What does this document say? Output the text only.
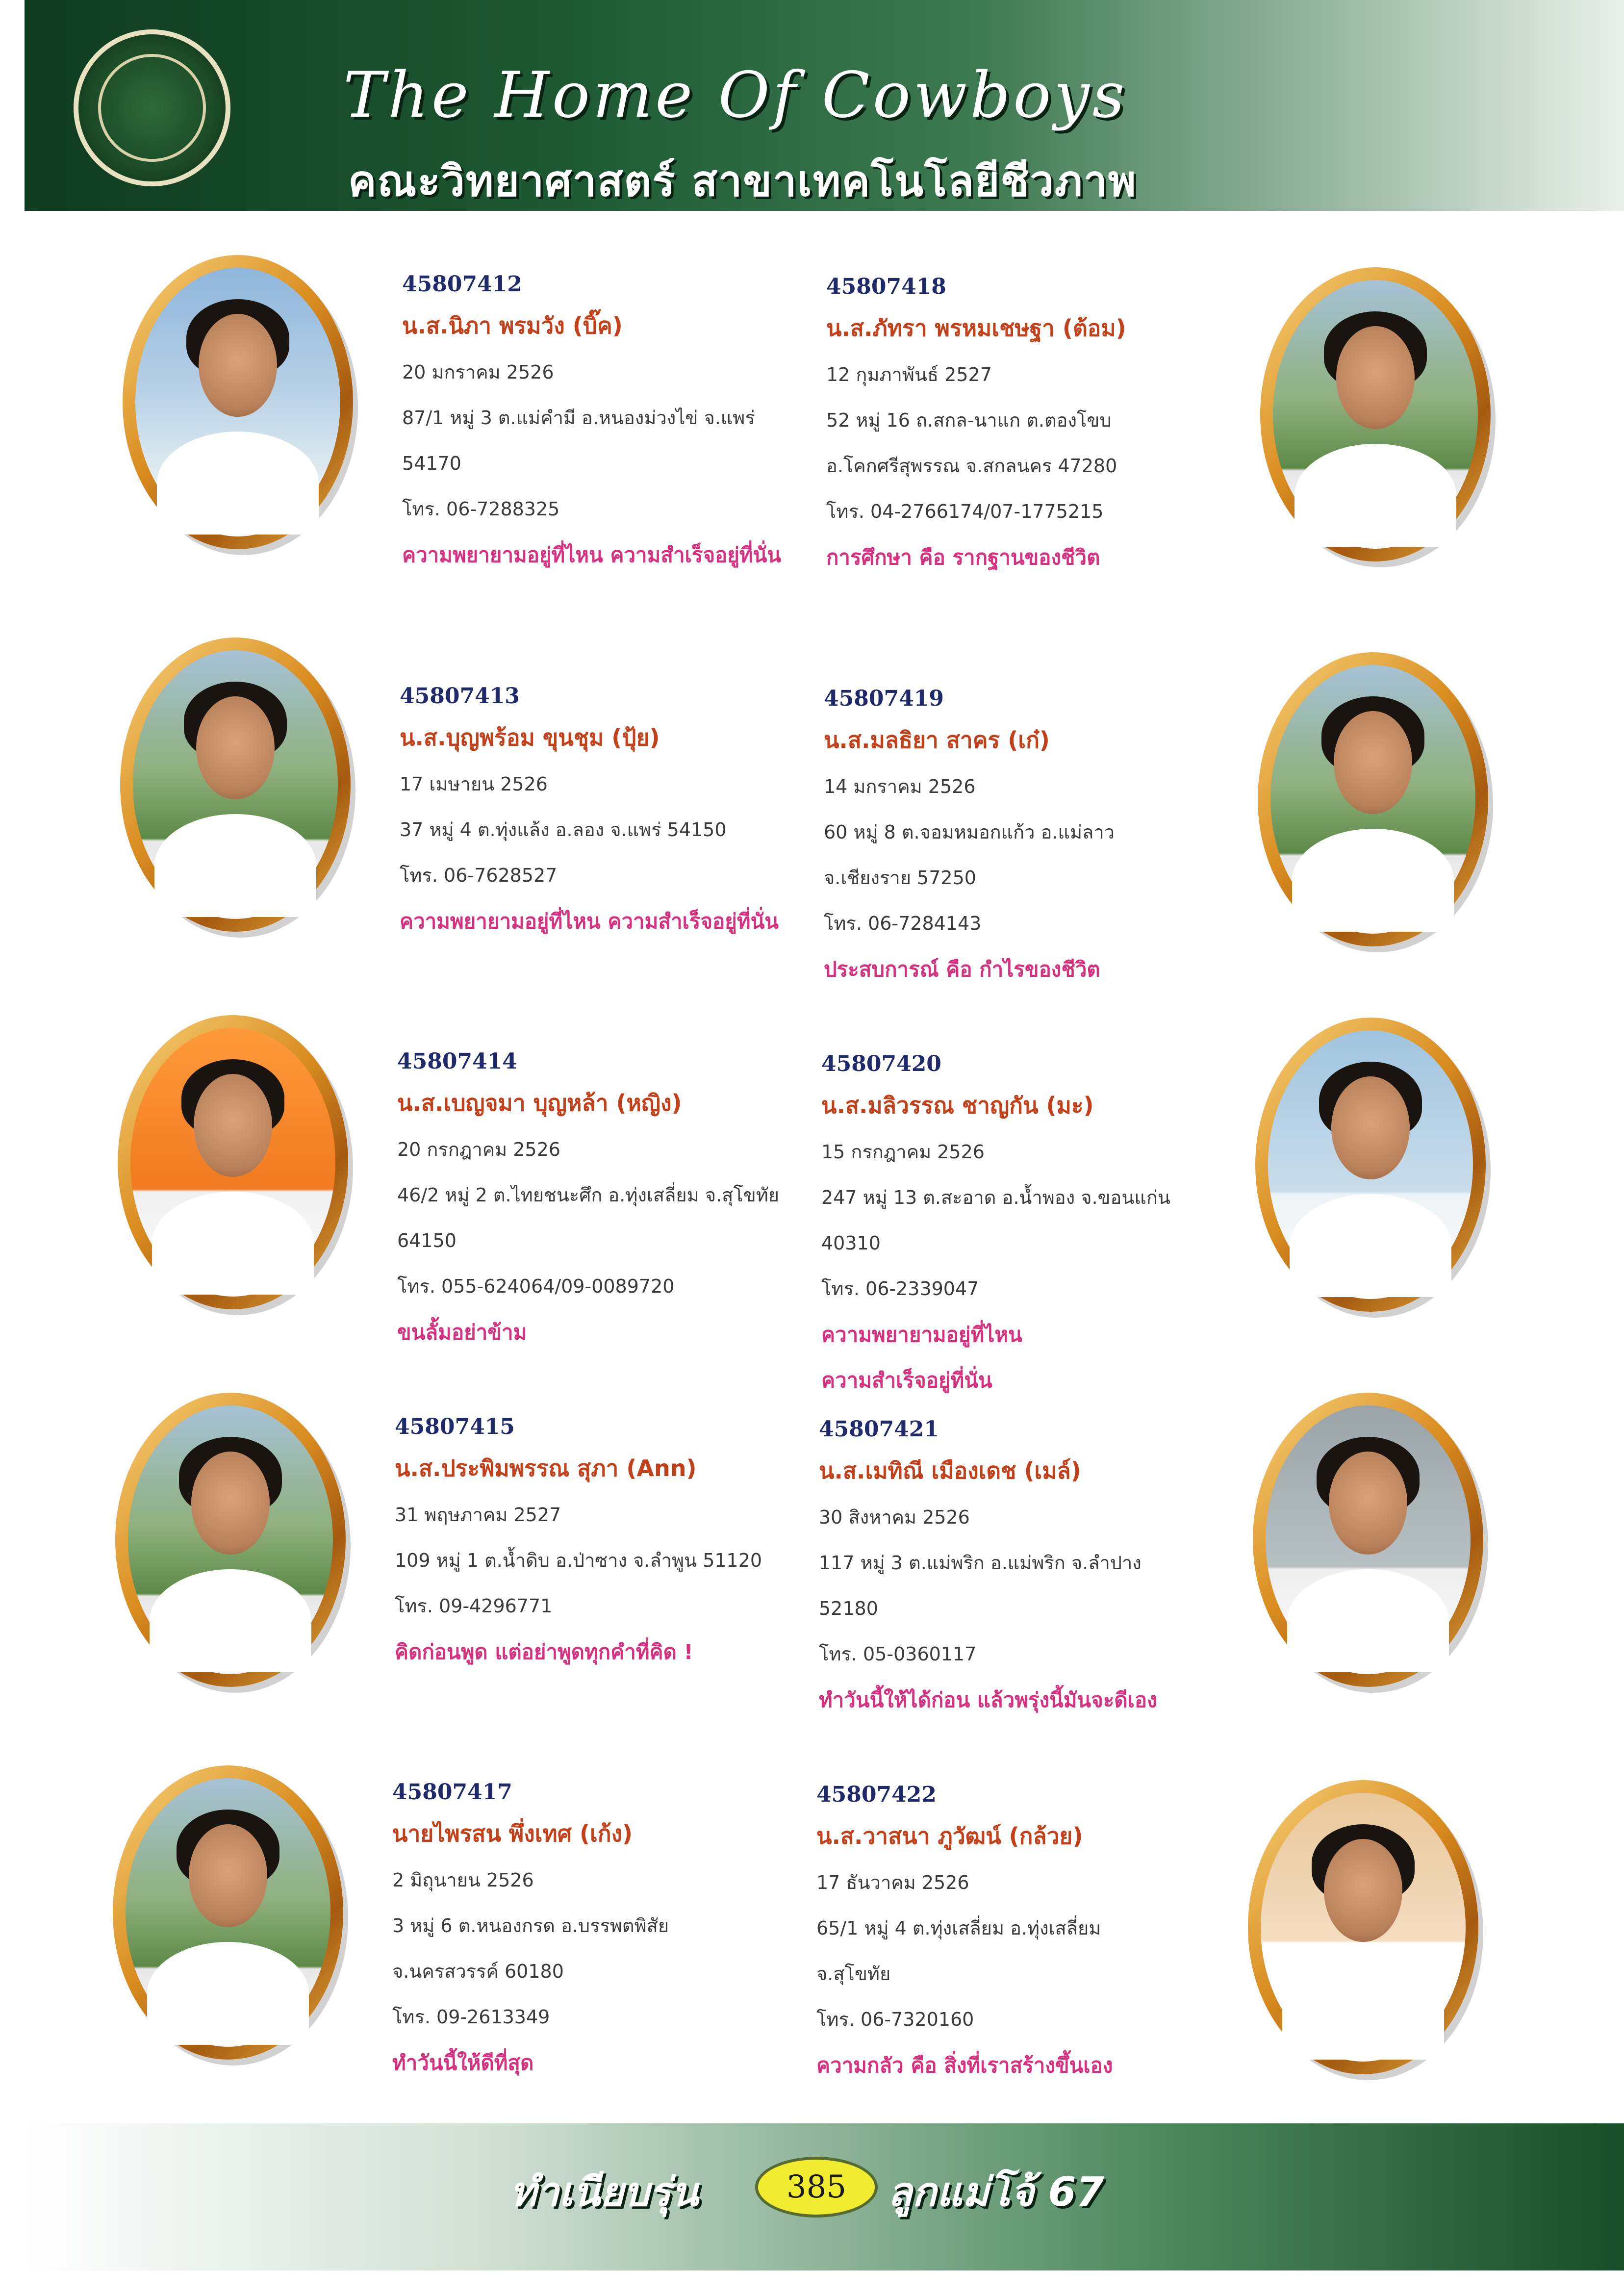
The Home Of Cowboys
คณะวิทยาศาสตร์ สาขาเทคโนโลยีชีวภาพ
45807412
น.ส.นิภา พรมวัง (บิ๊ค)
20 มกราคม 2526
87/1 หมู่ 3 ต.แม่คำมี อ.หนองม่วงไข่ จ.แพร่
54170
โทร. 06-7288325
ความพยายามอยู่ที่ไหน ความสำเร็จอยู่ที่นั่น
45807418
น.ส.ภัทรา พรหมเชษฐา (ต้อม)
12 กุมภาพันธ์ 2527
52 หมู่ 16 ถ.สกล-นาแก ต.ตองโขบ
อ.โคกศรีสุพรรณ จ.สกลนคร 47280
โทร. 04-2766174/07-1775215
การศึกษา คือ รากฐานของชีวิต
45807413
น.ส.บุญพร้อม ขุนชุม (ปุ้ย)
17 เมษายน 2526
37 หมู่ 4 ต.ทุ่งแล้ง อ.ลอง จ.แพร่ 54150
โทร. 06-7628527
ความพยายามอยู่ที่ไหน ความสำเร็จอยู่ที่นั่น
45807419
น.ส.มลธิยา สาคร (เก๋)
14 มกราคม 2526
60 หมู่ 8 ต.จอมหมอกแก้ว อ.แม่ลาว
จ.เชียงราย 57250
โทร. 06-7284143
ประสบการณ์ คือ กำไรของชีวิต
45807414
น.ส.เบญจมา บุญหล้า (หญิง)
20 กรกฎาคม 2526
46/2 หมู่ 2 ต.ไทยชนะศึก อ.ทุ่งเสลี่ยม จ.สุโขทัย
64150
โทร. 055-624064/09-0089720
ขนลั้มอย่าข้าม
45807420
น.ส.มลิวรรณ ชาญกัน (มะ)
15 กรกฎาคม 2526
247 หมู่ 13 ต.สะอาด อ.น้ำพอง จ.ขอนแก่น
40310
โทร. 06-2339047
ความพยายามอยู่ที่ไหน
ความสำเร็จอยู่ที่นั่น
45807415
น.ส.ประพิมพรรณ สุภา (Ann)
31 พฤษภาคม 2527
109 หมู่ 1 ต.น้ำดิบ อ.ป่าซาง จ.ลำพูน 51120
โทร. 09-4296771
คิดก่อนพูด แต่อย่าพูดทุกคำที่คิด !
45807421
น.ส.เมทิณี เมืองเดช (เมล์)
30 สิงหาคม 2526
117 หมู่ 3 ต.แม่พริก อ.แม่พริก จ.ลำปาง
52180
โทร. 05-0360117
ทำวันนี้ให้ได้ก่อน แล้วพรุ่งนี้มันจะดีเอง
45807417
นายไพรสน พึ่งเทศ (เก้ง)
2 มิถุนายน 2526
3 หมู่ 6 ต.หนองกรด อ.บรรพตพิสัย
จ.นครสวรรค์ 60180
โทร. 09-2613349
ทำวันนี้ให้ดีที่สุด
45807422
น.ส.วาสนา ภูวัฒน์ (กล้วย)
17 ธันวาคม 2526
65/1 หมู่ 4 ต.ทุ่งเสลี่ยม อ.ทุ่งเสลี่ยม
จ.สุโขทัย
โทร. 06-7320160
ความกลัว คือ สิ่งที่เราสร้างขึ้นเอง
ทำเนียบรุ่น	385	ลูกแม่โจ้ 67
